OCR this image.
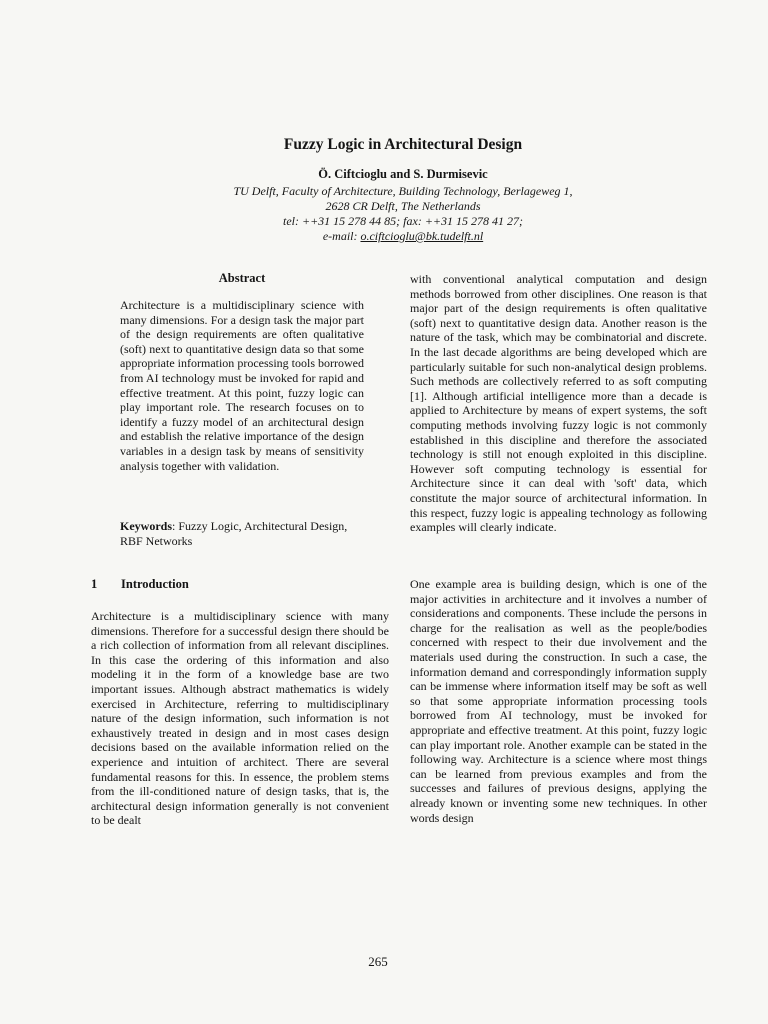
Fuzzy Logic in Architectural Design
Ö. Ciftcioglu and S. Durmisevic
TU Delft, Faculty of Architecture, Building Technology, Berlageweg 1,
2628 CR Delft, The Netherlands
tel: ++31 15 278 44 85; fax: ++31 15 278 41 27;
e-mail: o.ciftcioglu@bk.tudelft.nl
Abstract
Architecture is a multidisciplinary science with many dimensions. For a design task the major part of the design requirements are often qualitative (soft) next to quantitative design data so that some appropriate information processing tools borrowed from AI technology must be invoked for rapid and effective treatment. At this point, fuzzy logic can play important role. The research focuses on to identify a fuzzy model of an architectural design and establish the relative importance of the design variables in a design task by means of sensitivity analysis together with validation.
Keywords: Fuzzy Logic, Architectural Design, RBF Networks
1 Introduction
Architecture is a multidisciplinary science with many dimensions. Therefore for a successful design there should be a rich collection of information from all relevant disciplines. In this case the ordering of this information and also modeling it in the form of a knowledge base are two important issues. Although abstract mathematics is widely exercised in Architecture, referring to multidisciplinary nature of the design information, such information is not exhaustively treated in design and in most cases design decisions based on the available information relied on the experience and intuition of architect. There are several fundamental reasons for this. In essence, the problem stems from the ill-conditioned nature of design tasks, that is, the architectural design information generally is not convenient to be dealt
with conventional analytical computation and design methods borrowed from other disciplines. One reason is that major part of the design requirements is often qualitative (soft) next to quantitative design data. Another reason is the nature of the task, which may be combinatorial and discrete. In the last decade algorithms are being developed which are particularly suitable for such non-analytical design problems. Such methods are collectively referred to as soft computing [1]. Although artificial intelligence more than a decade is applied to Architecture by means of expert systems, the soft computing methods involving fuzzy logic is not commonly established in this discipline and therefore the associated technology is still not enough exploited in this discipline. However soft computing technology is essential for Architecture since it can deal with 'soft' data, which constitute the major source of architectural information. In this respect, fuzzy logic is appealing technology as following examples will clearly indicate.
One example area is building design, which is one of the major activities in architecture and it involves a number of considerations and components. These include the persons in charge for the realisation as well as the people/bodies concerned with respect to their due involvement and the materials used during the construction. In such a case, the information demand and correspondingly information supply can be immense where information itself may be soft as well so that some appropriate information processing tools borrowed from AI technology, must be invoked for appropriate and effective treatment. At this point, fuzzy logic can play important role. Another example can be stated in the following way. Architecture is a science where most things can be learned from previous examples and from the successes and failures of previous designs, applying the already known or inventing some new techniques. In other words design
265
